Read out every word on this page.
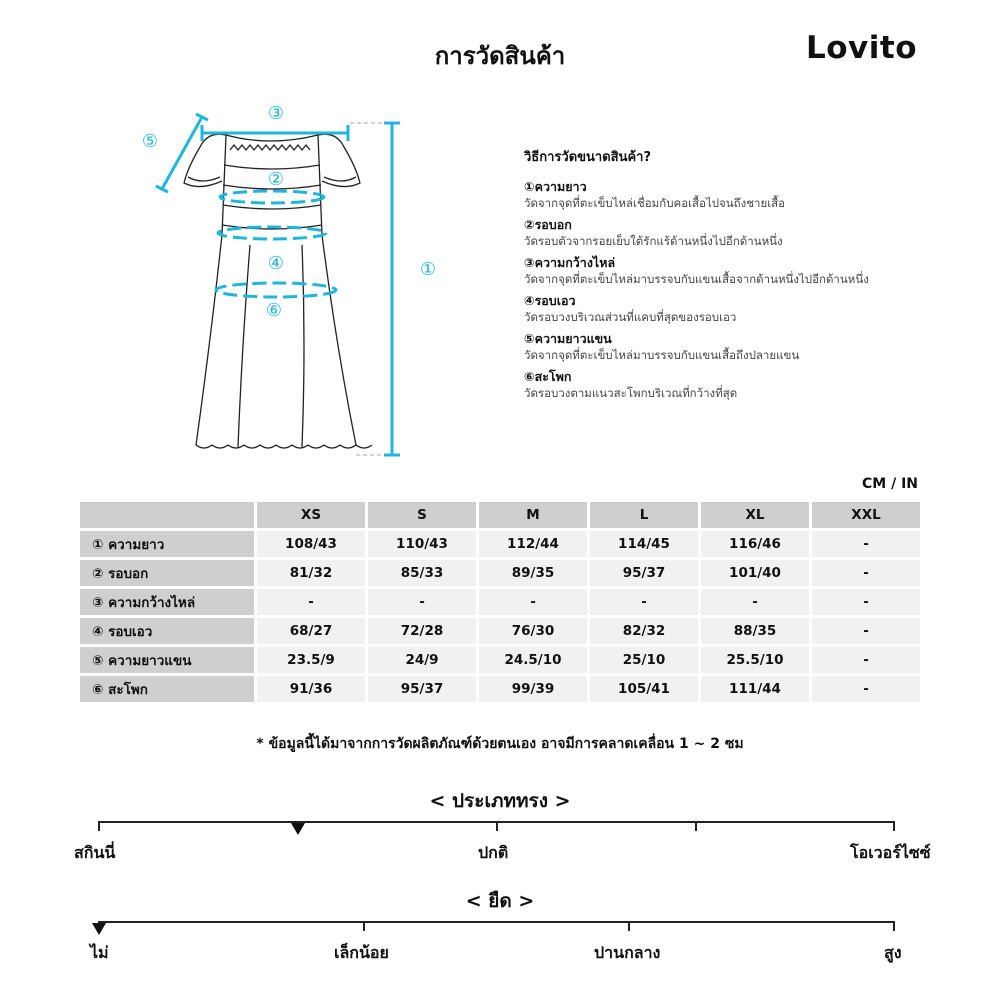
การวัดสินค้า	Lovito
①
②
③
④
⑤
⑥
วิธีการวัดขนาดสินค้า?
①ความยาว
วัดจากจุดที่ตะเข็บไหล่เชื่อมกับคอเสื้อไปจนถึงชายเสื้อ
②รอบอก
วัดรอบตัวจากรอยเย็บใต้รักแร้ด้านหนึ่งไปอีกด้านหนึ่ง
③ความกว้างไหล่
วัดจากจุดที่ตะเข็บไหล่มาบรรจบกับแขนเสื้อจากด้านหนึ่งไปอีกด้านหนึ่ง
④รอบเอว
วัดรอบวงบริเวณส่วนที่แคบที่สุดของรอบเอว
⑤ความยาวแขน
วัดจากจุดที่ตะเข็บไหล่มาบรรจบกับแขนเสื้อถึงปลายแขน
⑥สะโพก
วัดรอบวงตามแนวสะโพกบริเวณที่กว้างที่สุด
CM / IN
	XS	S	M	L	XL	XXL
① ความยาว	108/43	110/43	112/44	114/45	116/46	-
② รอบอก	81/32	85/33	89/35	95/37	101/40	-
③ ความกว้างไหล่	-	-	-	-	-	-
④ รอบเอว	68/27	72/28	76/30	82/32	88/35	-
⑤ ความยาวแขน	23.5/9	24/9	24.5/10	25/10	25.5/10	-
⑥ สะโพก	91/36	95/37	99/39	105/41	111/44	-
* ข้อมูลนี้ได้มาจากการวัดผลิตภัณฑ์ด้วยตนเอง อาจมีการคลาดเคลื่อน 1 ~ 2 ซม
< ประเภททรง >
สกินนี่	ปกติ	โอเวอร์ไซซ์
< ยืด >
ไม่	เล็กน้อย	ปานกลาง	สูง
